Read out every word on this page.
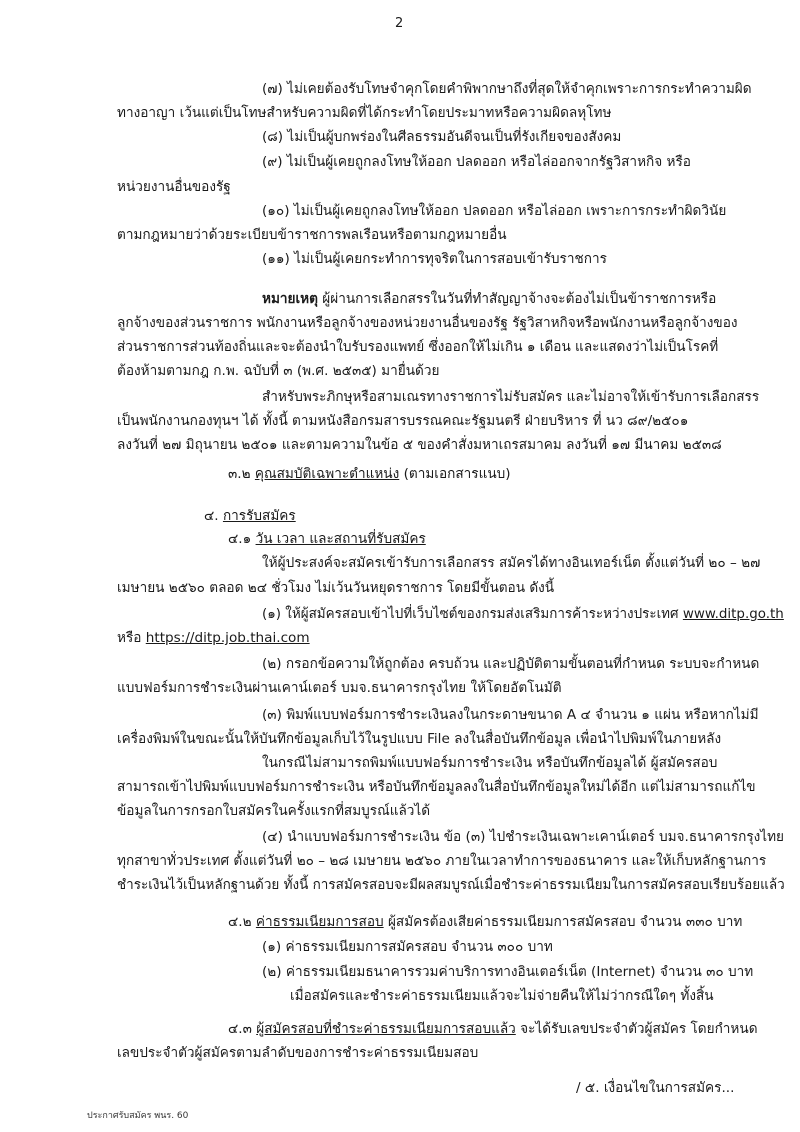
2
(๗) ไม่เคยต้องรับโทษจำคุกโดยคำพิพากษาถึงที่สุดให้จำคุกเพราะการกระทำความผิด
ทางอาญา เว้นแต่เป็นโทษสำหรับความผิดที่ได้กระทำโดยประมาทหรือความผิดลหุโทษ
(๘) ไม่เป็นผู้บกพร่องในศีลธรรมอันดีจนเป็นที่รังเกียจของสังคม
(๙) ไม่เป็นผู้เคยถูกลงโทษให้ออก ปลดออก หรือไล่ออกจากรัฐวิสาหกิจ หรือ
หน่วยงานอื่นของรัฐ
(๑๐) ไม่เป็นผู้เคยถูกลงโทษให้ออก ปลดออก หรือไล่ออก เพราะการกระทำผิดวินัย
ตามกฎหมายว่าด้วยระเบียบข้าราชการพลเรือนหรือตามกฎหมายอื่น
(๑๑) ไม่เป็นผู้เคยกระทำการทุจริตในการสอบเข้ารับราชการ
หมายเหตุ ผู้ผ่านการเลือกสรรในวันที่ทำสัญญาจ้างจะต้องไม่เป็นข้าราชการหรือ
ลูกจ้างของส่วนราชการ พนักงานหรือลูกจ้างของหน่วยงานอื่นของรัฐ รัฐวิสาหกิจหรือพนักงานหรือลูกจ้างของ
ส่วนราชการส่วนท้องถิ่นและจะต้องนำใบรับรองแพทย์ ซึ่งออกให้ไม่เกิน ๑ เดือน และแสดงว่าไม่เป็นโรคที่
ต้องห้ามตามกฎ ก.พ. ฉบับที่ ๓ (พ.ศ. ๒๕๓๕) มายื่นด้วย
สำหรับพระภิกษุหรือสามเณรทางราชการไม่รับสมัคร และไม่อาจให้เข้ารับการเลือกสรร
เป็นพนักงานกองทุนฯ ได้ ทั้งนี้ ตามหนังสือกรมสารบรรณคณะรัฐมนตรี ฝ่ายบริหาร ที่ นว ๘๙/๒๕๐๑
ลงวันที่ ๒๗ มิถุนายน ๒๕๐๑ และตามความในข้อ ๕ ของคำสั่งมหาเถรสมาคม ลงวันที่ ๑๗ มีนาคม ๒๕๓๘
๓.๒ คุณสมบัติเฉพาะตำแหน่ง (ตามเอกสารแนบ)
๔. การรับสมัคร
๔.๑ วัน เวลา และสถานที่รับสมัคร
ให้ผู้ประสงค์จะสมัครเข้ารับการเลือกสรร สมัครได้ทางอินเทอร์เน็ต ตั้งแต่วันที่ ๒๐ – ๒๗
เมษายน ๒๕๖๐ ตลอด ๒๔ ชั่วโมง ไม่เว้นวันหยุดราชการ โดยมีขั้นตอน ดังนี้
(๑) ให้ผู้สมัครสอบเข้าไปที่เว็บไซต์ของกรมส่งเสริมการค้าระหว่างประเทศ www.ditp.go.th
หรือ https://ditp.job.thai.com
(๒) กรอกข้อความให้ถูกต้อง ครบถ้วน และปฏิบัติตามขั้นตอนที่กำหนด ระบบจะกำหนด
แบบฟอร์มการชำระเงินผ่านเคาน์เตอร์ บมจ.ธนาคารกรุงไทย ให้โดยอัตโนมัติ
(๓) พิมพ์แบบฟอร์มการชำระเงินลงในกระดาษขนาด A ๔ จำนวน ๑ แผ่น หรือหากไม่มี
เครื่องพิมพ์ในขณะนั้นให้บันทึกข้อมูลเก็บไว้ในรูปแบบ File ลงในสื่อบันทึกข้อมูล เพื่อนำไปพิมพ์ในภายหลัง
ในกรณีไม่สามารถพิมพ์แบบฟอร์มการชำระเงิน หรือบันทึกข้อมูลได้ ผู้สมัครสอบ
สามารถเข้าไปพิมพ์แบบฟอร์มการชำระเงิน หรือบันทึกข้อมูลลงในสื่อบันทึกข้อมูลใหม่ได้อีก แต่ไม่สามารถแก้ไข
ข้อมูลในการกรอกใบสมัครในครั้งแรกที่สมบูรณ์แล้วได้
(๔) นำแบบฟอร์มการชำระเงิน ข้อ (๓) ไปชำระเงินเฉพาะเคาน์เตอร์ บมจ.ธนาคารกรุงไทย
ทุกสาขาทั่วประเทศ ตั้งแต่วันที่ ๒๐ – ๒๘ เมษายน ๒๕๖๐ ภายในเวลาทำการของธนาคาร และให้เก็บหลักฐานการ
ชำระเงินไว้เป็นหลักฐานด้วย ทั้งนี้ การสมัครสอบจะมีผลสมบูรณ์เมื่อชำระค่าธรรมเนียมในการสมัครสอบเรียบร้อยแล้ว
๔.๒ ค่าธรรมเนียมการสอบ ผู้สมัครต้องเสียค่าธรรมเนียมการสมัครสอบ จำนวน ๓๓๐ บาท
(๑) ค่าธรรมเนียมการสมัครสอบ จำนวน ๓๐๐ บาท
(๒) ค่าธรรมเนียมธนาคารรวมค่าบริการทางอินเตอร์เน็ต (Internet) จำนวน ๓๐ บาท
เมื่อสมัครและชำระค่าธรรมเนียมแล้วจะไม่จ่ายคืนให้ไม่ว่ากรณีใดๆ ทั้งสิ้น
๔.๓ ผู้สมัครสอบที่ชำระค่าธรรมเนียมการสอบแล้ว จะได้รับเลขประจำตัวผู้สมัคร โดยกำหนด
เลขประจำตัวผู้สมัครตามลำดับของการชำระค่าธรรมเนียมสอบ
/ ๕. เงื่อนไขในการสมัคร...
ประกาศรับสมัคร พนร. 60
